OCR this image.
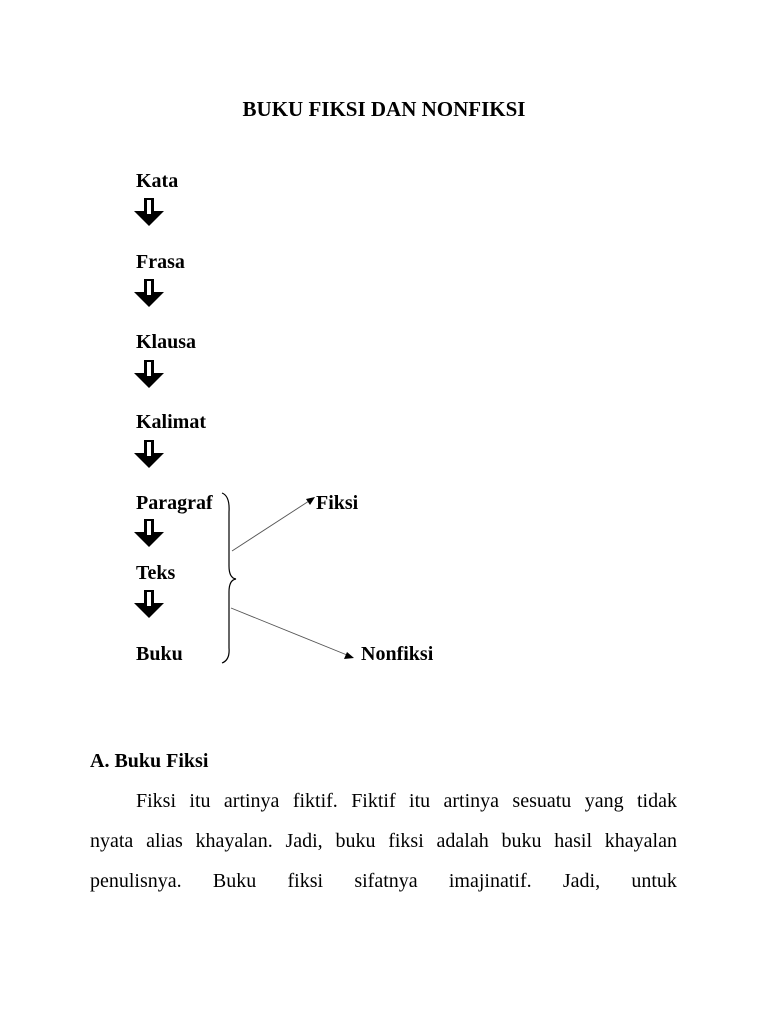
BUKU FIKSI DAN NONFIKSI
Kata
Frasa
Klausa
Kalimat
Paragraf
Teks
Buku
Fiksi
Nonfiksi
A. Buku Fiksi
Fiksi itu artinya fiktif. Fiktif itu artinya sesuatu yang tidak
nyata alias khayalan. Jadi, buku fiksi adalah buku hasil khayalan
penulisnya. Buku fiksi sifatnya imajinatif. Jadi, untuk
